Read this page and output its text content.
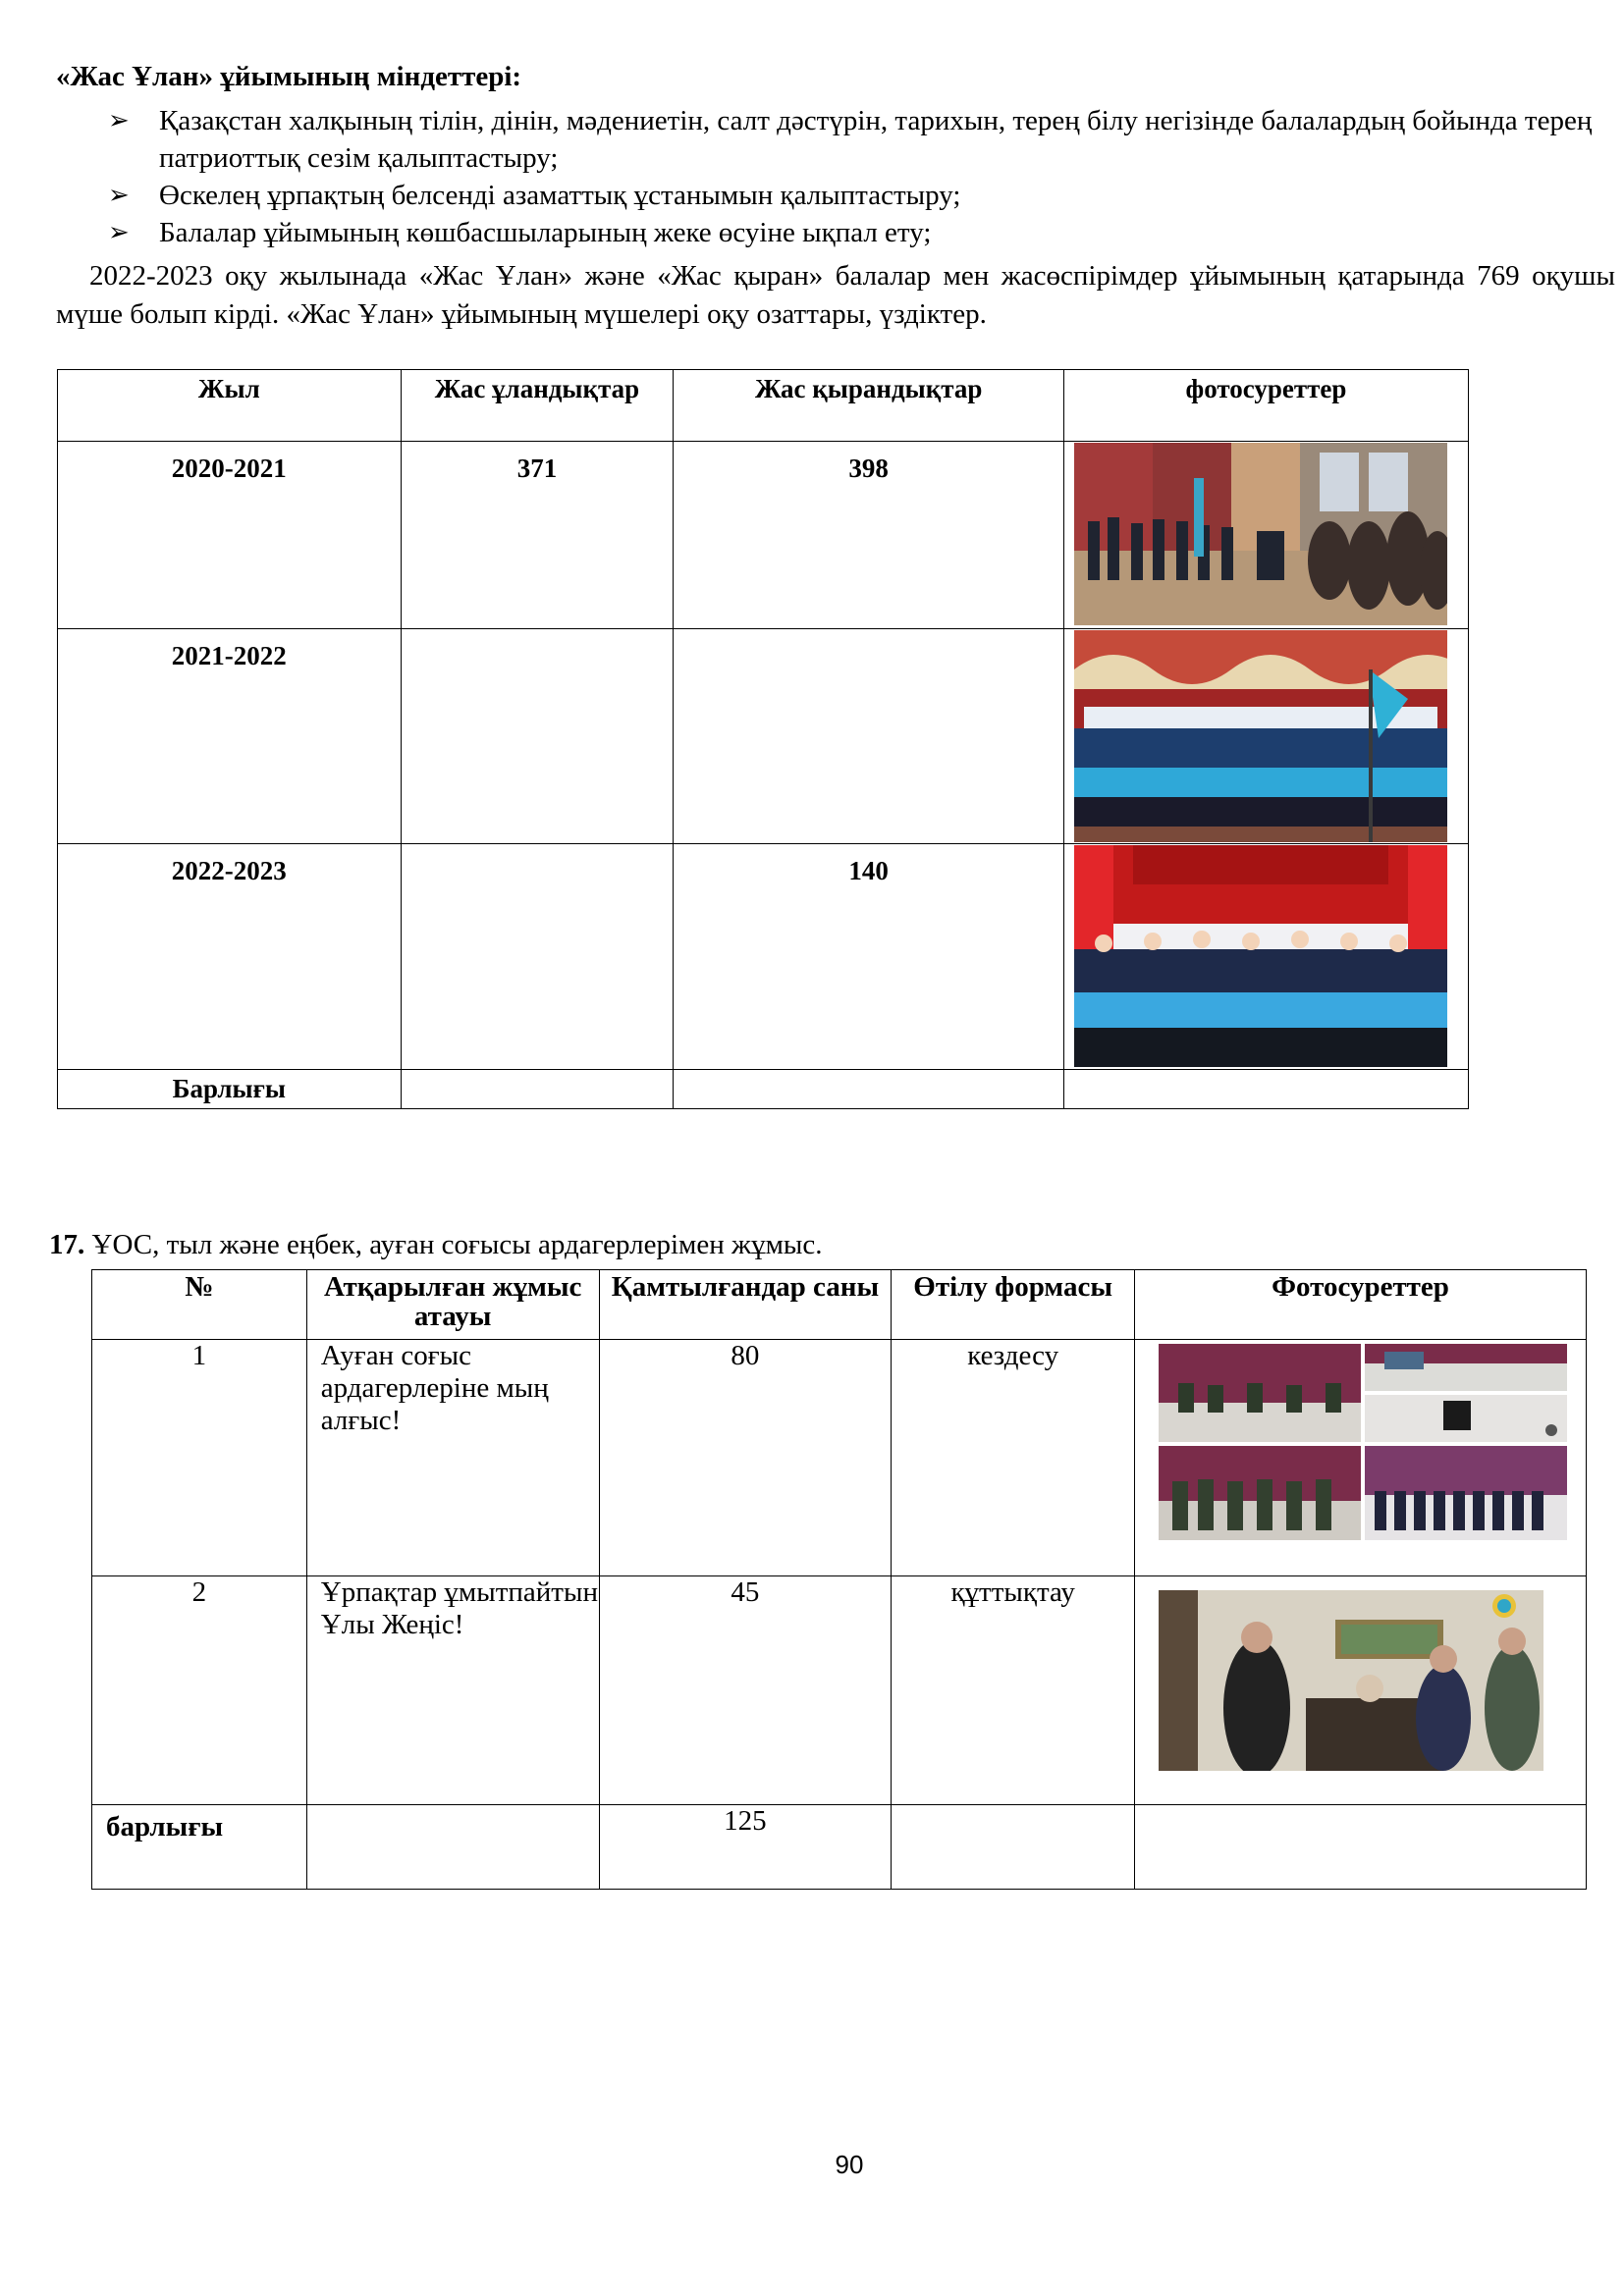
«Жас Ұлан» ұйымының міндеттері:
➢ Қазақстан халқының тілін, дінін, мәдениетін, салт дәстүрін, тарихын, терең білу негізінде балалардың бойында терең патриоттық сезім қалыптастыру;
➢ Өскелең ұрпақтың белсенді азаматтық ұстанымын қалыптастыру;
➢ Балалар ұйымының көшбасшыларының жеке өсуіне ықпал ету;
2022-2023 оқу жылынада «Жас Ұлан» және «Жас қыран» балалар мен жасөспірімдер ұйымының қатарында 769 оқушы мүше болып кірді. «Жас Ұлан» ұйымының мүшелері оқу озаттары, үздіктер.
Жыл	Жас ұландықтар	Жас қырандықтар	фотосуреттер
2020-2021	371	398	

2021-2022			

2022-2023		140	

Барлығы			
17. ҰОС, тыл және еңбек, ауған соғысы ардагерлерімен жұмыс.
№	Атқарылған жұмыс атауы	Қамтылғандар саны	Өтілу формасы	Фотосуреттер
1	Ауған соғыс ардагерлеріне мың алғыс!	80	кездесу	
2	Ұрпақтар ұмытпайтын Ұлы Жеңіс!	45	құттықтау	
барлығы		125		
90
